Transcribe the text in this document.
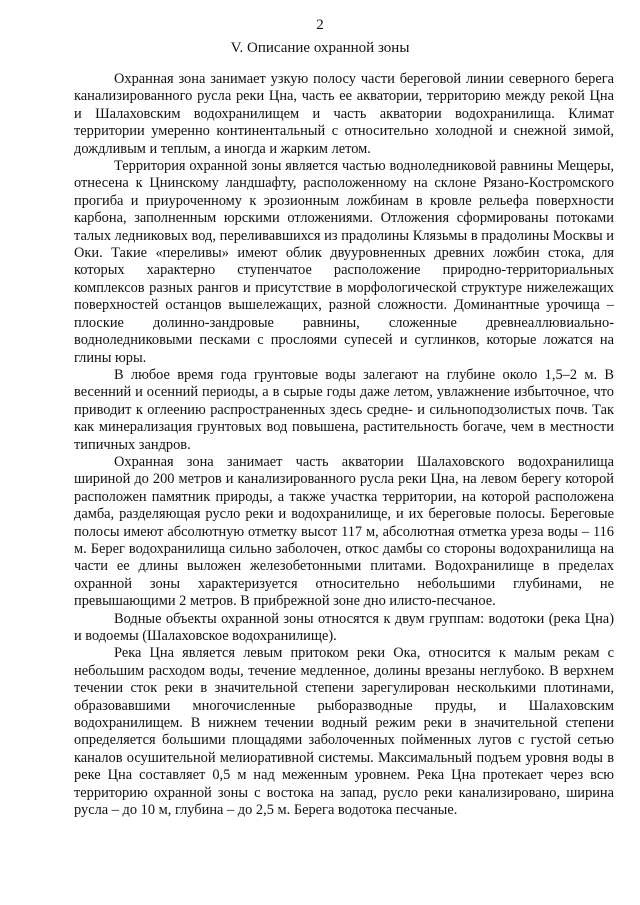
2
V. Описание охранной зоны

Охранная зона занимает узкую полосу части береговой линии северного берега канализированного русла реки Цна, часть ее акватории, территорию между рекой Цна и Шалаховским водохранилищем и часть акватории водохранилища. Климат территории умеренно континентальный с относительно холодной и снежной зимой, дождливым и теплым, а иногда и жарким летом.

Территория охранной зоны является частью водноледниковой равнины Мещеры, отнесена к Цнинскому ландшафту, расположенному на склоне Рязано-Костромского прогиба и приуроченному к эрозионным ложбинам в кровле рельефа поверхности карбона, заполненным юрскими отложениями. Отложения сформированы потоками талых ледниковых вод, переливавшихся из прадолины Клязьмы в прадолины Москвы и Оки. Такие «переливы» имеют облик двууровненных древних ложбин стока, для которых характерно ступенчатое расположение природно-территориальных комплексов разных рангов и присутствие в морфологической структуре нижележащих поверхностей останцов вышележащих, разной сложности. Доминантные урочища – плоские долинно-зандровые равнины, сложенные древнеаллювиально-водноледниковыми песками с прослоями супесей и суглинков, которые ложатся на глины юры.

В любое время года грунтовые воды залегают на глубине около 1,5–2 м. В весенний и осенний периоды, а в сырые годы даже летом, увлажнение избыточное, что приводит к оглеению распространенных здесь средне- и сильноподзолистых почв. Так как минерализация грунтовых вод повышена, растительность богаче, чем в местности типичных зандров.

Охранная зона занимает часть акватории Шалаховского водохранилища шириной до 200 метров и канализированного русла реки Цна, на левом берегу которой расположен памятник природы, а также участка территории, на которой расположена дамба, разделяющая русло реки и водохранилище, и их береговые полосы. Береговые полосы имеют абсолютную отметку высот 117 м, абсолютная отметка уреза воды – 116 м. Берег водохранилища сильно заболочен, откос дамбы со стороны водохранилища на части ее длины выложен железобетонными плитами. Водохранилище в пределах охранной зоны характеризуется относительно небольшими глубинами, не превышающими 2 метров. В прибрежной зоне дно илисто-песчаное.

Водные объекты охранной зоны относятся к двум группам: водотоки (река Цна) и водоемы (Шалаховское водохранилище).

Река Цна является левым притоком реки Ока, относится к малым рекам с небольшим расходом воды, течение медленное, долины врезаны неглубоко. В верхнем течении сток реки в значительной степени зарегулирован несколькими плотинами, образовавшими многочисленные рыборазводные пруды, и Шалаховским водохранилищем. В нижнем течении водный режим реки в значительной степени определяется большими площадями заболоченных пойменных лугов с густой сетью каналов осушительной мелиоративной системы. Максимальный подъем уровня воды в реке Цна составляет 0,5 м над меженным уровнем. Река Цна протекает через всю территорию охранной зоны с востока на запад, русло реки канализировано, ширина русла – до 10 м, глубина – до 2,5 м. Берега водотока песчаные.
